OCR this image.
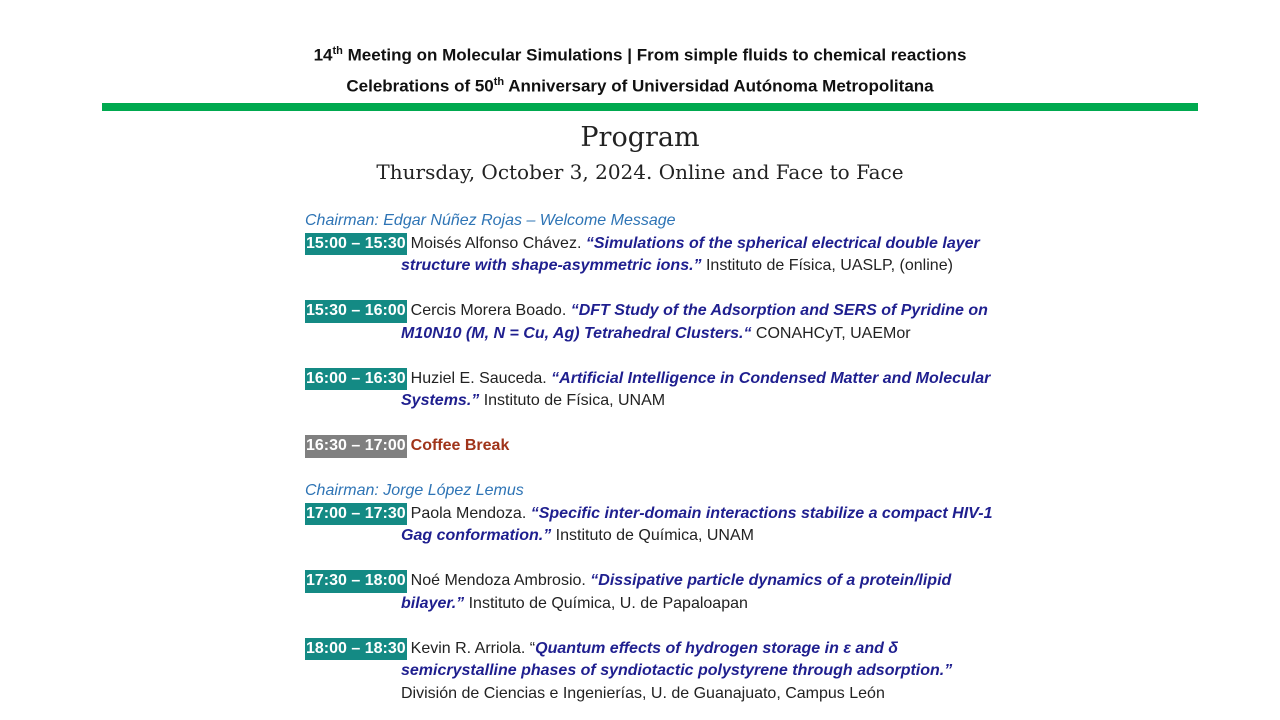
14th Meeting on Molecular Simulations | From simple fluids to chemical reactions
Celebrations of 50th Anniversary of Universidad Autónoma Metropolitana
Program
Thursday, October 3, 2024. Online and Face to Face
Chairman: Edgar Núñez Rojas – Welcome Message
15:00 – 15:30 Moisés Alfonso Chávez. “Simulations of the spherical electrical double layer
structure with shape-asymmetric ions.” Instituto de Física, UASLP, (online)
15:30 – 16:00 Cercis Morera Boado. “DFT Study of the Adsorption and SERS of Pyridine on
M10N10 (M, N = Cu, Ag) Tetrahedral Clusters.“ CONAHCyT, UAEMor
16:00 – 16:30 Huziel E. Sauceda. “Artificial Intelligence in Condensed Matter and Molecular
Systems.” Instituto de Física, UNAM
16:30 – 17:00 Coffee Break
Chairman: Jorge López Lemus
17:00 – 17:30 Paola Mendoza. “Specific inter-domain interactions stabilize a compact HIV-1
Gag conformation.” Instituto de Química, UNAM
17:30 – 18:00 Noé Mendoza Ambrosio. “Dissipative particle dynamics of a protein/lipid
bilayer.” Instituto de Química, U. de Papaloapan
18:00 – 18:30 Kevin R. Arriola. “Quantum effects of hydrogen storage in ε and δ
semicrystalline phases of syndiotactic polystyrene through adsorption.”
División de Ciencias e Ingenierías, U. de Guanajuato, Campus León
